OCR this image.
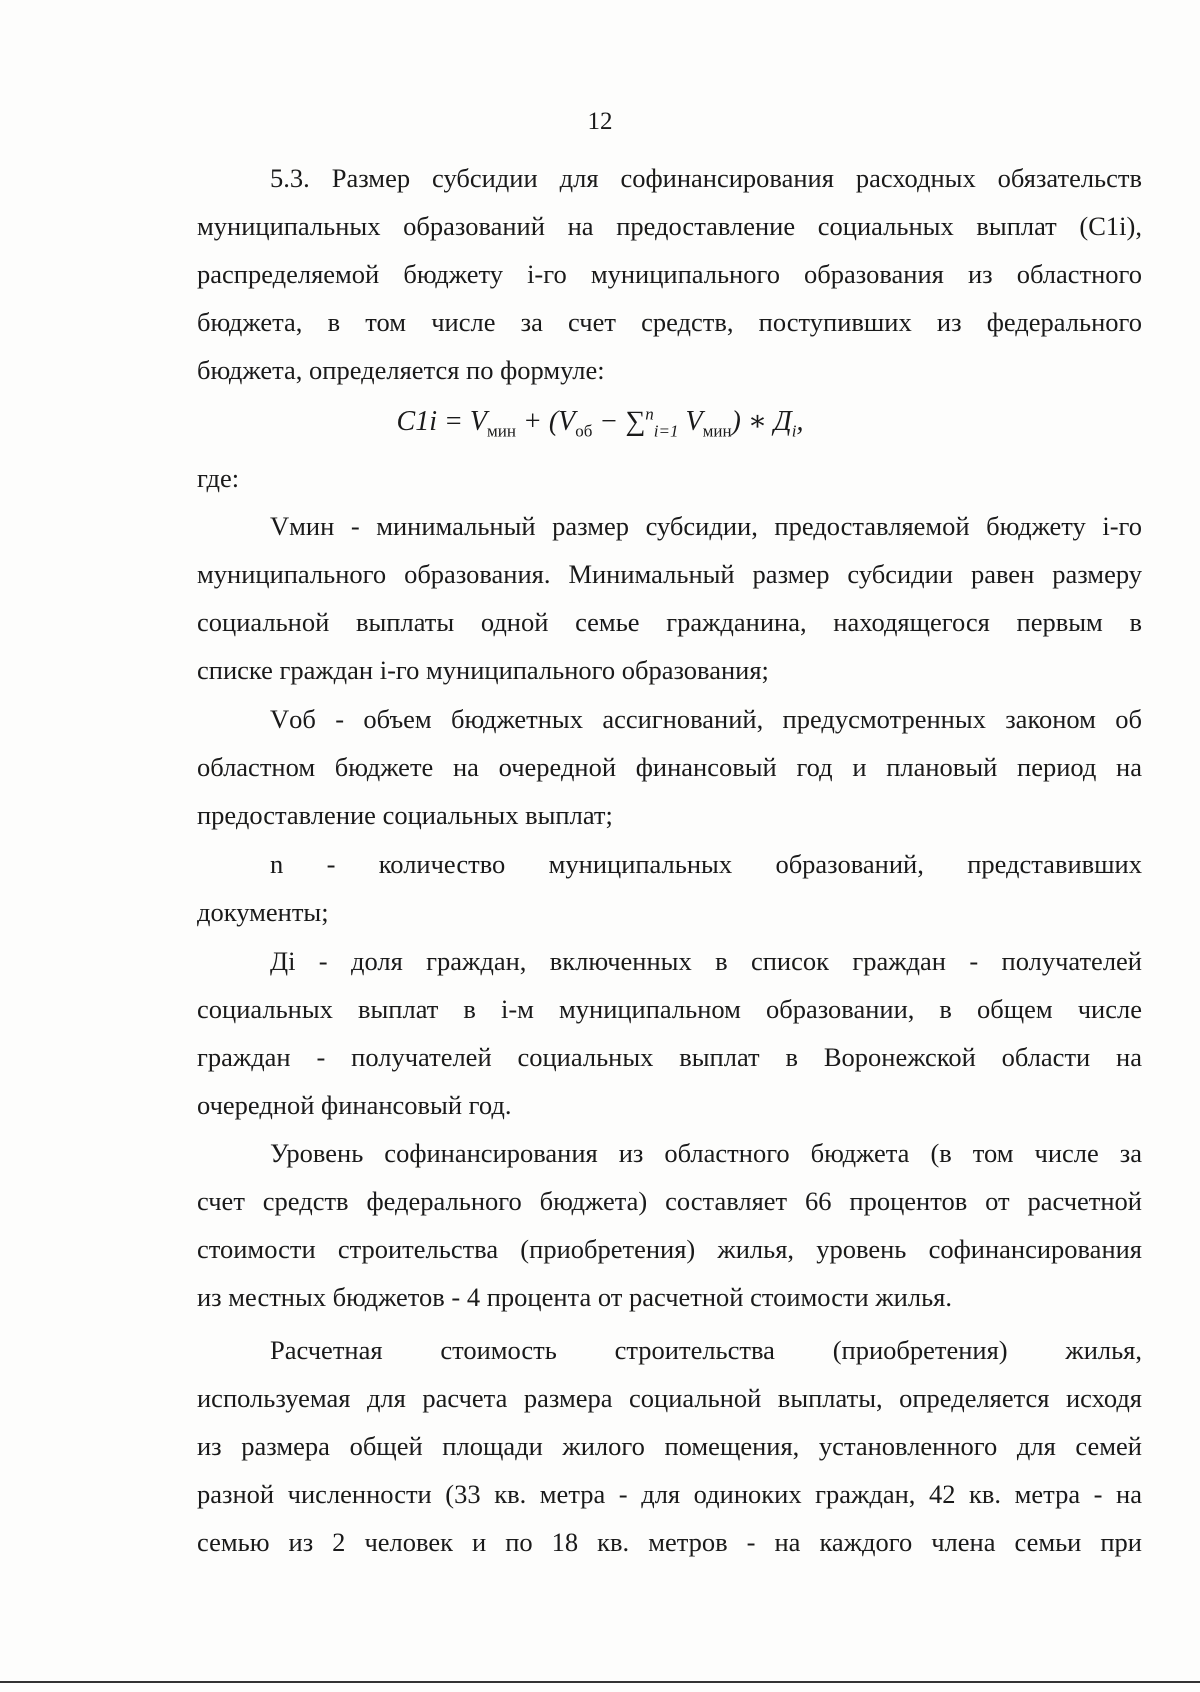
12
5.3. Размер субсидии для софинансирования расходных обязательств
муниципальных образований на предоставление социальных выплат (С1i),
распределяемой бюджету i-го муниципального образования из областного
бюджета, в том числе за счет средств, поступивших из федерального
бюджета, определяется по формуле:
$C1i = V_{мин} + (V_{об} - \sum^n_{i=1}$ $V_{мин}$) ∗ $Д_i$,
где:
Vмин - минимальный размер субсидии, предоставляемой бюджету i-го
муниципального образования. Минимальный размер субсидии равен размеру
социальной выплаты одной семье гражданина, находящегося первым в
списке граждан i-го муниципального образования;
Vоб - объем бюджетных ассигнований, предусмотренных законом об
областном бюджете на очередной финансовый год и плановый период на
предоставление социальных выплат;
n - количество муниципальных образований, представивших
документы;
Дi - доля граждан, включенных в список граждан - получателей
социальных выплат в i-м муниципальном образовании, в общем числе
граждан - получателей социальных выплат в Воронежской области на
очередной финансовый год.
Уровень софинансирования из областного бюджета (в том числе за
счет средств федерального бюджета) составляет 66 процентов от расчетной
стоимости строительства (приобретения) жилья, уровень софинансирования
из местных бюджетов - 4 процента от расчетной стоимости жилья.
Расчетная стоимость строительства (приобретения) жилья,
используемая для расчета размера социальной выплаты, определяется исходя
из размера общей площади жилого помещения, установленного для семей
разной численности (33 кв. метра - для одиноких граждан, 42 кв. метра - на
семью из 2 человек и по 18 кв. метров - на каждого члена семьи при
